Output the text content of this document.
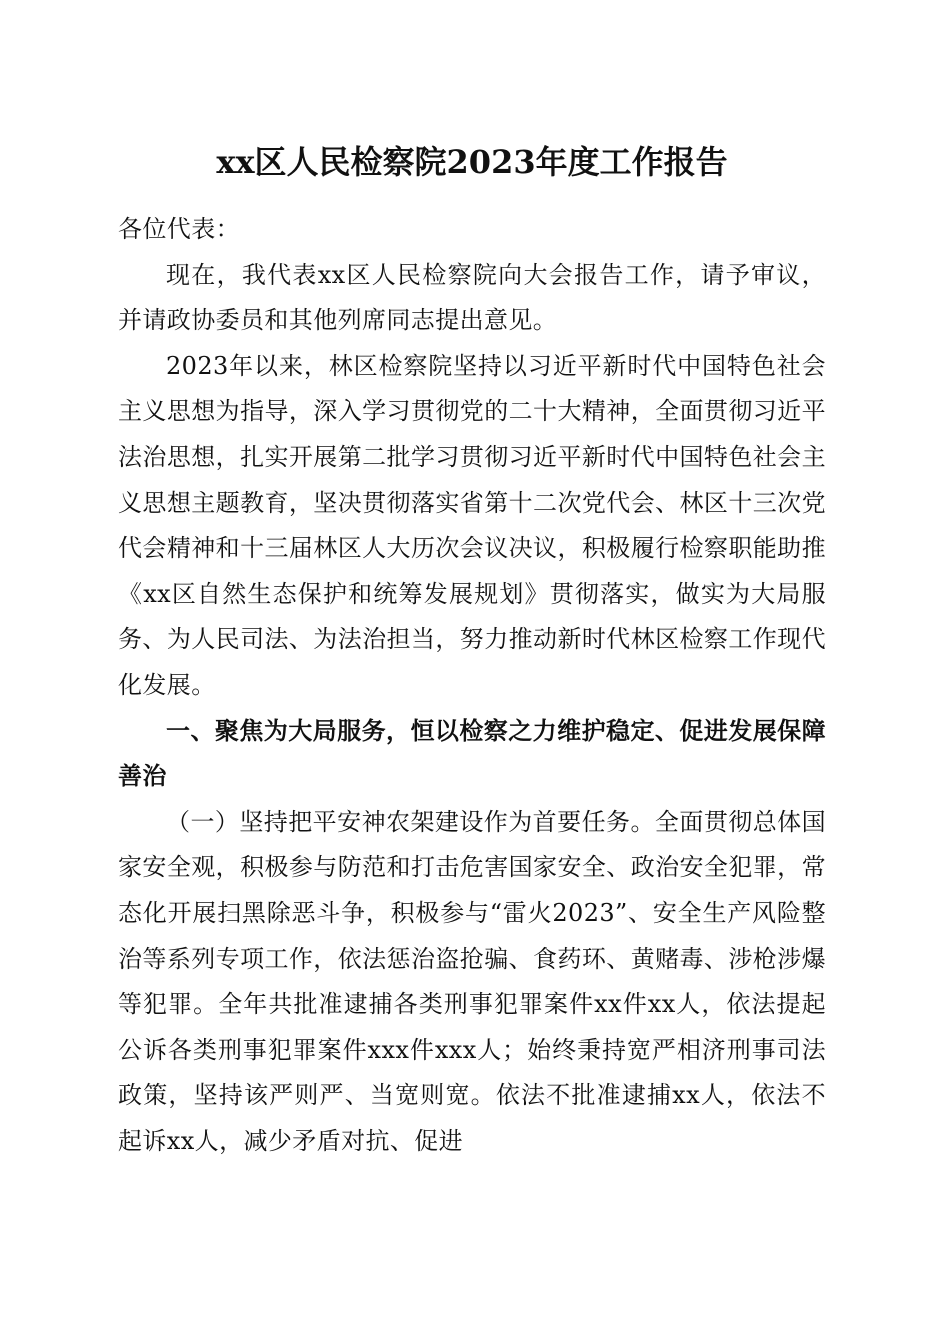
xx区人民检察院2023年度工作报告

各位代表：

现在，我代表xx区人民检察院向大会报告工作，请予审议，并请政协委员和其他列席同志提出意见。

2023年以来，林区检察院坚持以习近平新时代中国特色社会主义思想为指导，深入学习贯彻党的二十大精神，全面贯彻习近平法治思想，扎实开展第二批学习贯彻习近平新时代中国特色社会主义思想主题教育，坚决贯彻落实省第十二次党代会、林区十三次党代会精神和十三届林区人大历次会议决议，积极履行检察职能助推《xx区自然生态保护和统筹发展规划》贯彻落实，做实为大局服务、为人民司法、为法治担当，努力推动新时代林区检察工作现代化发展。

一、聚焦为大局服务，恒以检察之力维护稳定、促进发展保障善治

（一）坚持把平安神农架建设作为首要任务。全面贯彻总体国家安全观，积极参与防范和打击危害国家安全、政治安全犯罪，常态化开展扫黑除恶斗争，积极参与“雷火2023”、安全生产风险整治等系列专项工作，依法惩治盗抢骗、食药环、黄赌毒、涉枪涉爆等犯罪。全年共批准逮捕各类刑事犯罪案件xx件xx人，依法提起公诉各类刑事犯罪案件xxx件xxx人；始终秉持宽严相济刑事司法政策，坚持该严则严、当宽则宽。依法不批准逮捕xx人，依法不起诉xx人，减少矛盾对抗、促进
